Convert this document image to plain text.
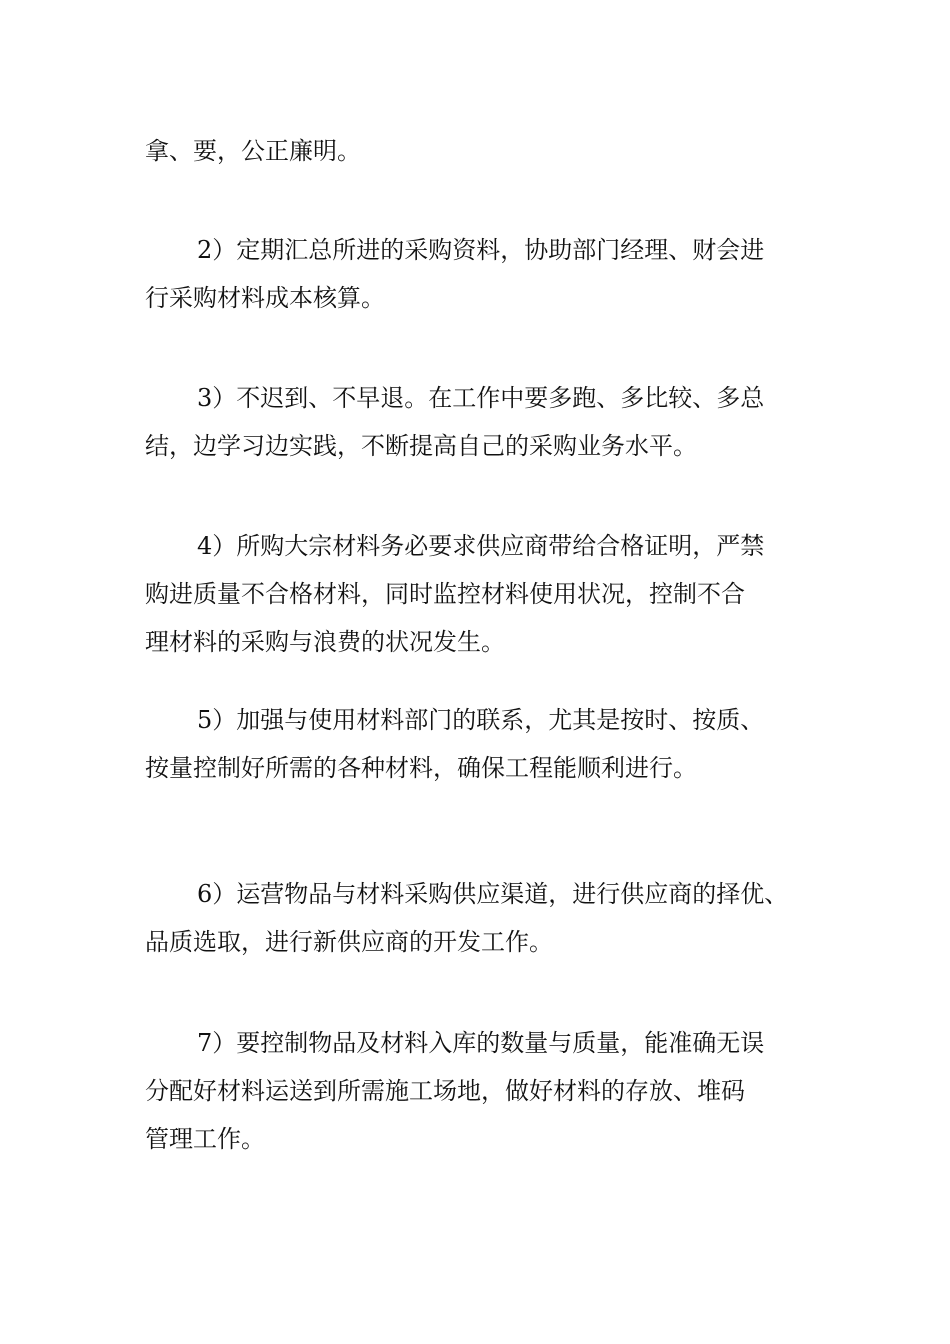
拿、要，公正廉明。
2）定期汇总所进的采购资料，协助部门经理、财会进
行采购材料成本核算。
3）不迟到、不早退。在工作中要多跑、多比较、多总
结，边学习边实践，不断提高自己的采购业务水平。
4）所购大宗材料务必要求供应商带给合格证明，严禁
购进质量不合格材料，同时监控材料使用状况，控制不合
理材料的采购与浪费的状况发生。
5）加强与使用材料部门的联系，尤其是按时、按质、
按量控制好所需的各种材料，确保工程能顺利进行。
6）运营物品与材料采购供应渠道，进行供应商的择优、
品质选取，进行新供应商的开发工作。
7）要控制物品及材料入库的数量与质量，能准确无误
分配好材料运送到所需施工场地，做好材料的存放、堆码
管理工作。
